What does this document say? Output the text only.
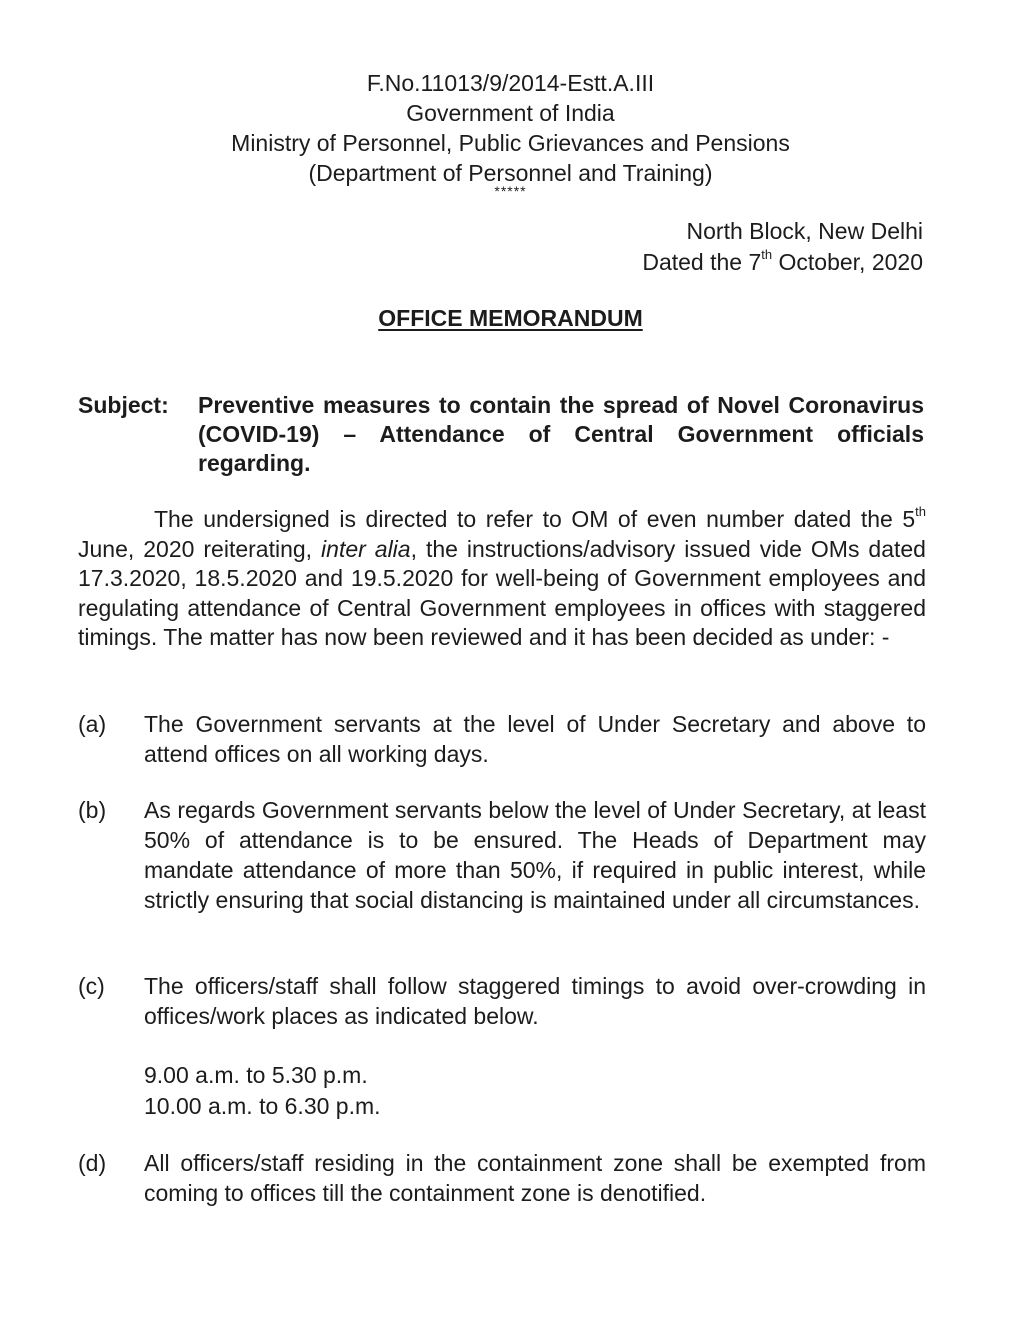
F.No.11013/9/2014-Estt.A.III
Government of India
Ministry of Personnel, Public Grievances and Pensions
(Department of Personnel and Training)
*****
North Block, New Delhi
Dated the 7th October, 2020
OFFICE MEMORANDUM
Subject: Preventive measures to contain the spread of Novel Coronavirus (COVID-19) – Attendance of Central Government officials regarding.
The undersigned is directed to refer to OM of even number dated the 5th June, 2020 reiterating, inter alia, the instructions/advisory issued vide OMs dated 17.3.2020, 18.5.2020 and 19.5.2020 for well-being of Government employees and regulating attendance of Central Government employees in offices with staggered timings. The matter has now been reviewed and it has been decided as under: -
(a) The Government servants at the level of Under Secretary and above to attend offices on all working days.
(b) As regards Government servants below the level of Under Secretary, at least 50% of attendance is to be ensured. The Heads of Department may mandate attendance of more than 50%, if required in public interest, while strictly ensuring that social distancing is maintained under all circumstances.
(c) The officers/staff shall follow staggered timings to avoid over-crowding in offices/work places as indicated below.
9.00 a.m. to 5.30 p.m.
10.00 a.m. to 6.30 p.m.
(d) All officers/staff residing in the containment zone shall be exempted from coming to offices till the containment zone is denotified.
